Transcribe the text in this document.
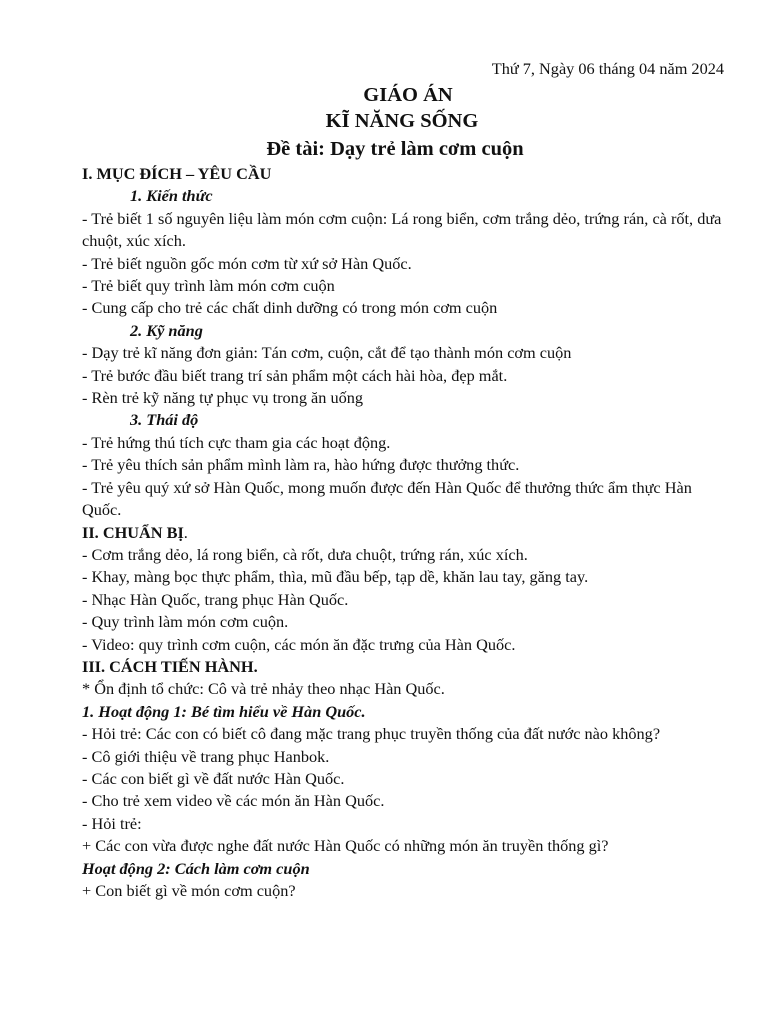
Thứ 7, Ngày 06 tháng 04 năm 2024
GIÁO ÁN
KĨ NĂNG SỐNG
Đề tài: Dạy trẻ làm cơm cuộn
I. MỤC ĐÍCH – YÊU CẦU
1. Kiến thức
- Trẻ biết 1 số nguyên liệu làm món cơm cuộn: Lá rong biển, cơm trắng dẻo, trứng rán, cà rốt, dưa chuột, xúc xích.
- Trẻ biết nguồn gốc món cơm từ xứ sở Hàn Quốc.
- Trẻ biết quy trình làm món cơm cuộn
- Cung cấp cho trẻ các chất dinh dưỡng có trong món cơm cuộn
2. Kỹ năng
- Dạy trẻ kĩ năng đơn giản: Tán cơm, cuộn, cắt để tạo thành món cơm cuộn
- Trẻ bước đầu biết trang trí sản phẩm một cách hài hòa, đẹp mắt.
- Rèn trẻ kỹ năng tự phục vụ trong ăn uống
3. Thái độ
- Trẻ hứng thú tích cực tham gia các hoạt động.
- Trẻ yêu thích sản phẩm mình làm ra, hào hứng được thưởng thức.
- Trẻ yêu quý xứ sở Hàn Quốc, mong muốn được đến Hàn Quốc để thưởng thức ẩm thực Hàn Quốc.
II. CHUẨN BỊ.
- Cơm trắng dẻo, lá rong biển, cà rốt, dưa chuột, trứng rán, xúc xích.
- Khay, màng bọc thực phẩm, thìa, mũ đầu bếp, tạp dề, khăn lau tay, găng tay.
- Nhạc Hàn Quốc, trang phục Hàn Quốc.
- Quy trình làm món cơm cuộn.
- Video: quy trình cơm cuộn, các món ăn đặc trưng của Hàn Quốc.
III. CÁCH TIẾN HÀNH.
* Ổn định tổ chức: Cô và trẻ nhảy theo nhạc Hàn Quốc.
1. Hoạt động 1: Bé tìm hiểu về Hàn Quốc.
- Hỏi trẻ: Các con có biết cô đang mặc trang phục truyền thống của đất nước nào không?
- Cô giới thiệu về trang phục Hanbok.
- Các con biết gì về đất nước Hàn Quốc.
- Cho trẻ xem video về các món ăn Hàn Quốc.
- Hỏi trẻ:
+ Các con vừa được nghe đất nước Hàn Quốc có những món ăn truyền thống gì?
Hoạt động 2: Cách làm cơm cuộn
+ Con biết gì về món cơm cuộn?
